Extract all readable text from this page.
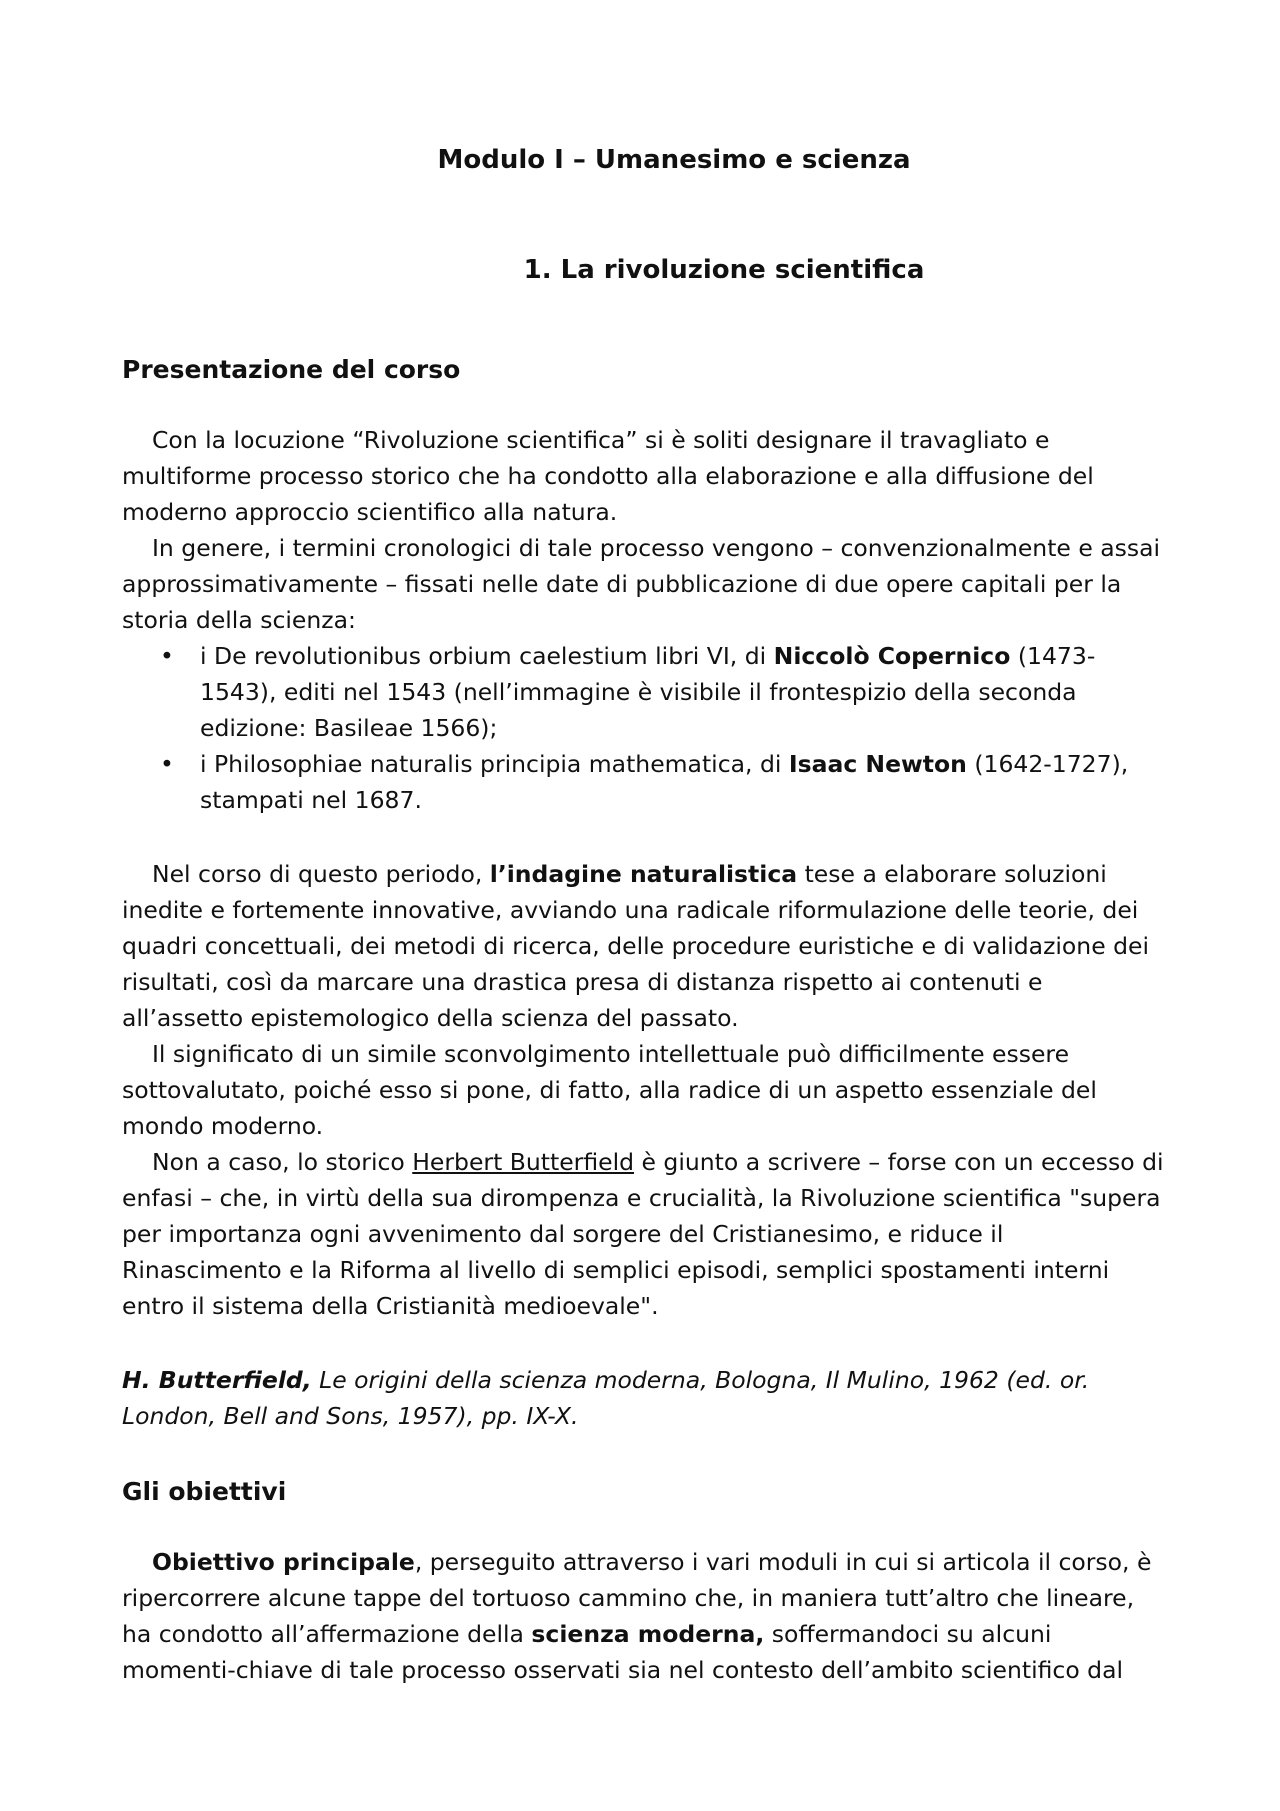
Modulo I – Umanesimo e scienza
1. La rivoluzione scientifica
Presentazione del corso

Con la locuzione “Rivoluzione scientifica” si è soliti designare il travagliato e multiforme processo storico che ha condotto alla elaborazione e alla diffusione del moderno approccio scientifico alla natura.

In genere, i termini cronologici di tale processo vengono – convenzionalmente e assai approssimativamente – fissati nelle date di pubblicazione di due opere capitali per la storia della scienza:

• i De revolutionibus orbium caelestium libri VI, di Niccolò Copernico (1473-1543), editi nel 1543 (nell’immagine è visibile il frontespizio della seconda edizione: Basileae 1566);
• i Philosophiae naturalis principia mathematica, di Isaac Newton (1642-1727), stampati nel 1687.

Nel corso di questo periodo, l’indagine naturalistica tese a elaborare soluzioni inedite e fortemente innovative, avviando una radicale riformulazione delle teorie, dei quadri concettuali, dei metodi di ricerca, delle procedure euristiche e di validazione dei risultati, così da marcare una drastica presa di distanza rispetto ai contenuti e all’assetto epistemologico della scienza del passato.

Il significato di un simile sconvolgimento intellettuale può difficilmente essere sottovalutato, poiché esso si pone, di fatto, alla radice di un aspetto essenziale del mondo moderno.

Non a caso, lo storico Herbert Butterfield è giunto a scrivere – forse con un eccesso di enfasi – che, in virtù della sua dirompenza e crucialità, la Rivoluzione scientifica "supera per importanza ogni avvenimento dal sorgere del Cristianesimo, e riduce il Rinascimento e la Riforma al livello di semplici episodi, semplici spostamenti interni entro il sistema della Cristianità medioevale".

H. Butterfield, Le origini della scienza moderna, Bologna, Il Mulino, 1962 (ed. or. London, Bell and Sons, 1957), pp. IX-X.

Gli obiettivi

Obiettivo principale, perseguito attraverso i vari moduli in cui si articola il corso, è ripercorrere alcune tappe del tortuoso cammino che, in maniera tutt’altro che lineare, ha condotto all’affermazione della scienza moderna, soffermandoci su alcuni momenti-chiave di tale processo osservati sia nel contesto dell’ambito scientifico dal
